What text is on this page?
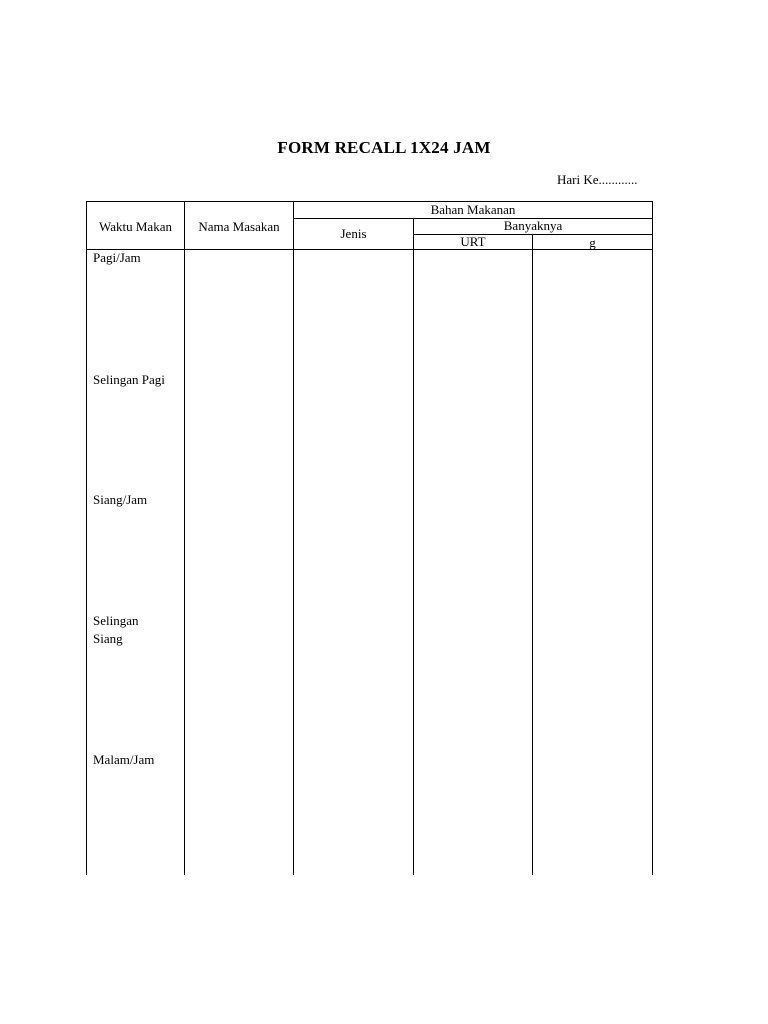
FORM RECALL 1X24 JAM
Hari Ke............
Waktu Makan	Nama Masakan
Bahan Makanan
Jenis
Banyaknya
URT	g
Pagi/Jam
Selingan Pagi
Siang/Jam
Selingan Siang
Malam/Jam
